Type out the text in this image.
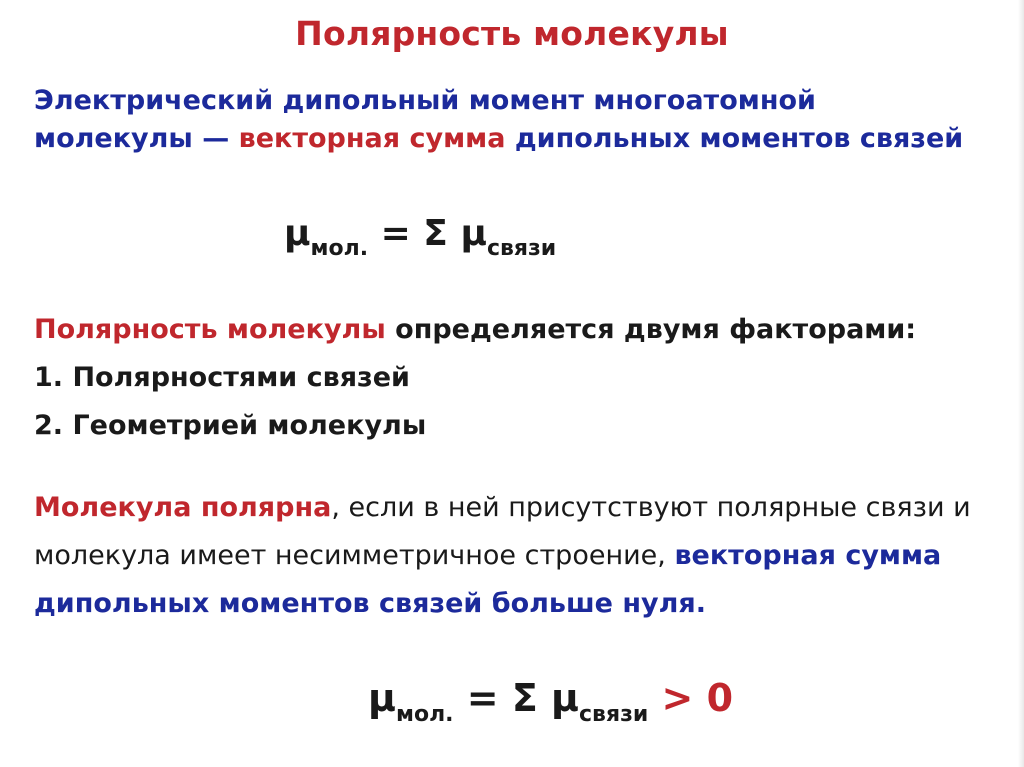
Полярность молекулы
Электрический дипольный момент многоатомной молекулы — векторная сумма дипольных моментов связей
$\mu_{мол.} = \Sigma$ $\mu_{связи}$
Полярность молекулы определяется двумя факторами:
1. Полярностями связей
2. Геометрией молекулы
Молекула полярна, если в ней присутствуют полярные связи и молекула имеет несимметричное строение, векторная сумма дипольных моментов связей больше нуля.
$\mu_{мол.} = \Sigma$ $\mu_{связи} > 0$
